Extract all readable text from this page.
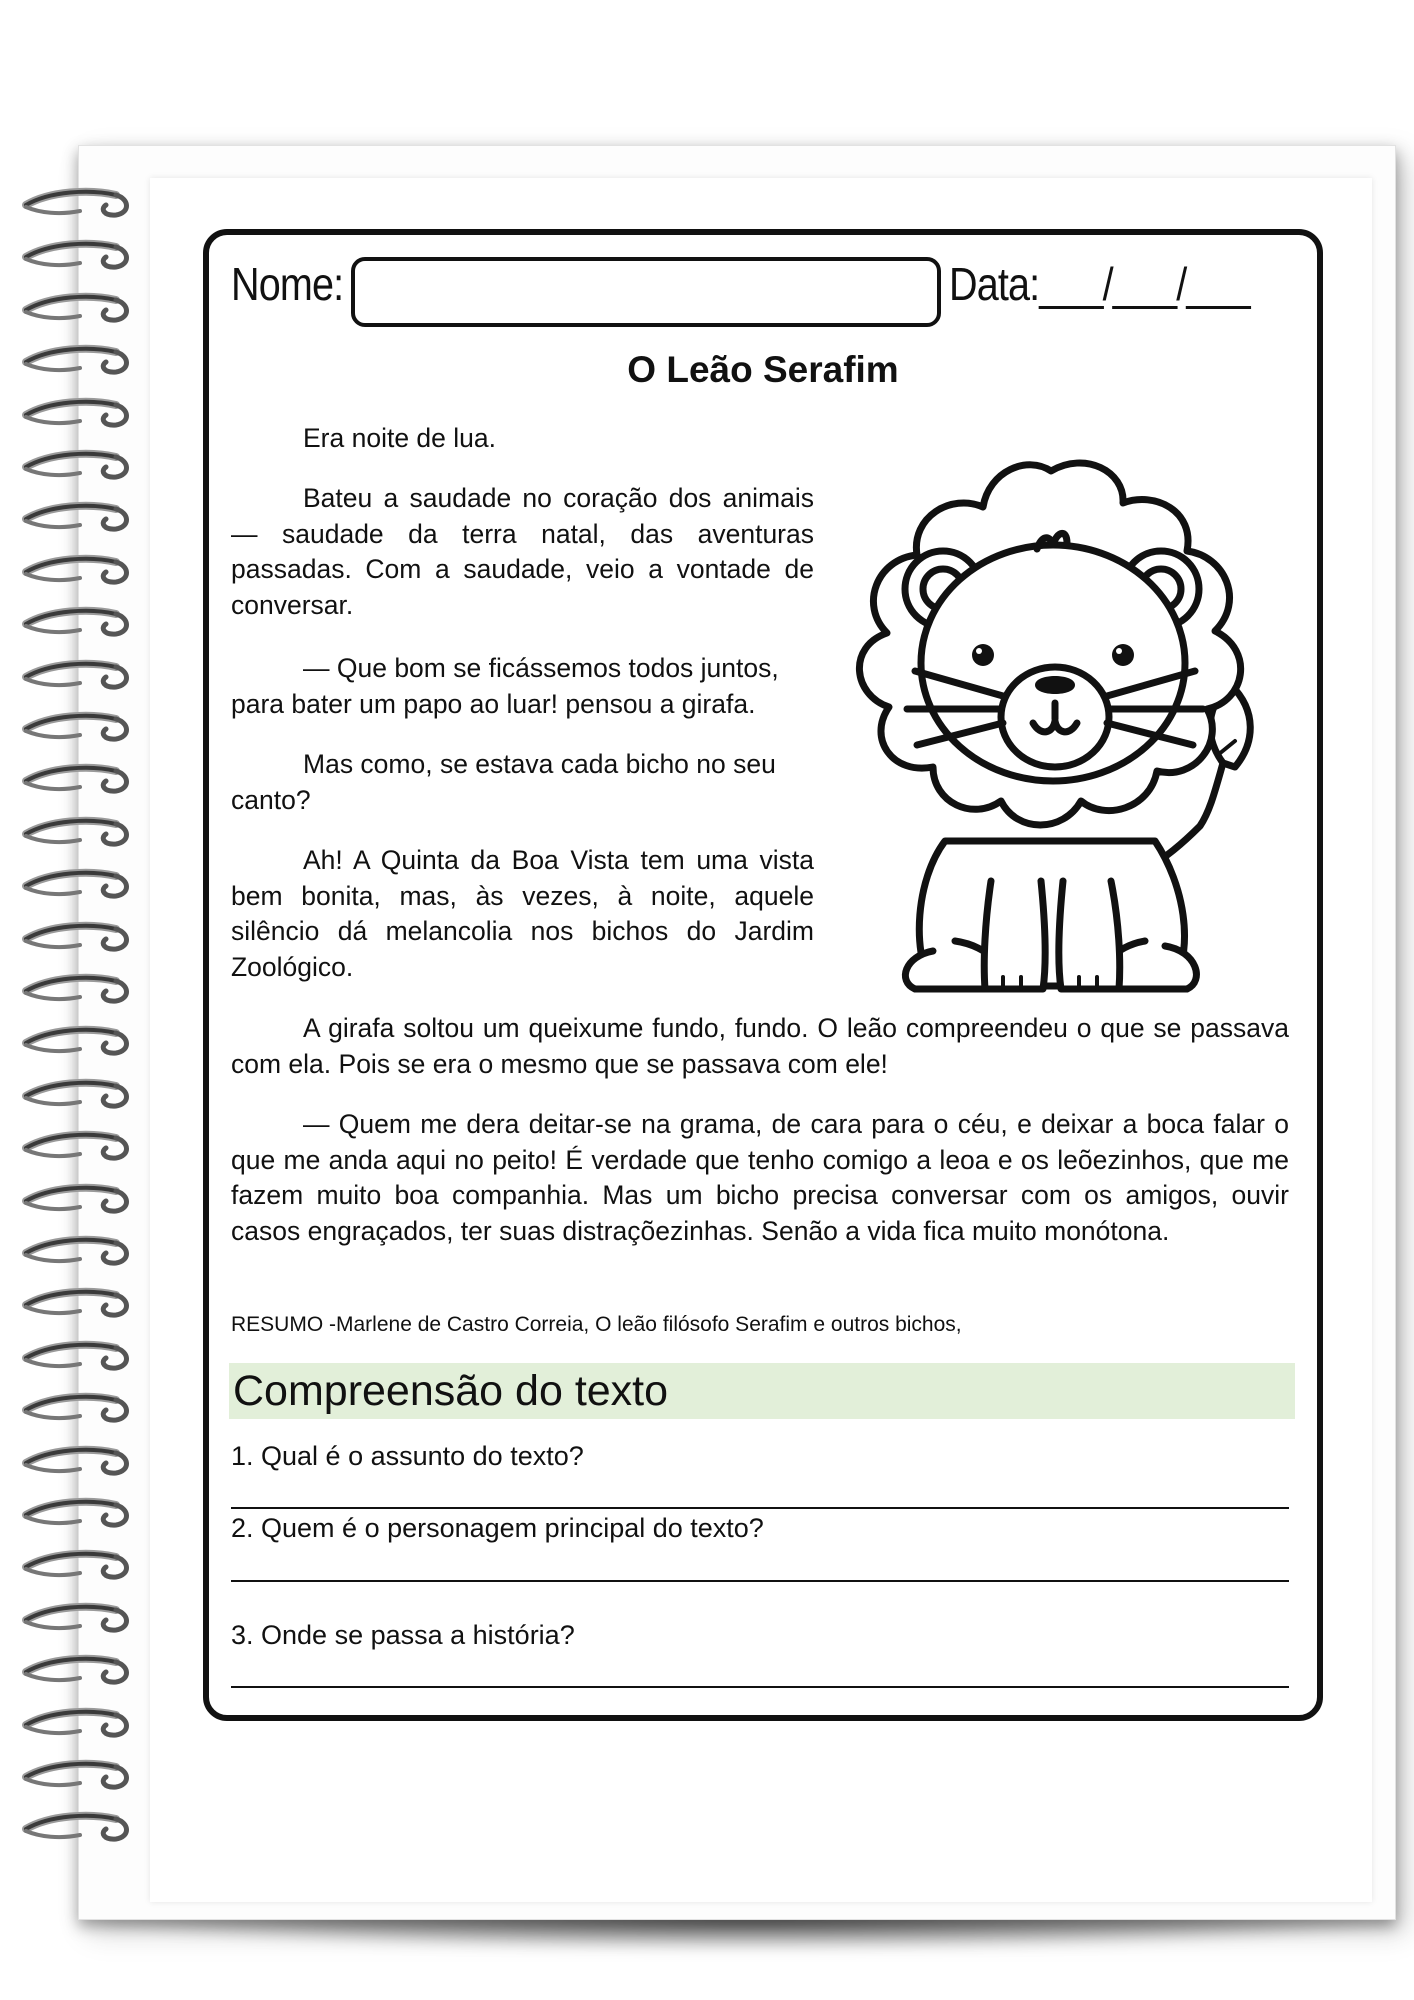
Nome:	Data:___/___/___
O Leão Serafim

Era noite de lua.

Bateu a saudade no coração dos animais — saudade da terra natal, das aventuras passadas. Com a saudade, veio a vontade de conversar.

— Que bom se ficássemos todos juntos, para bater um papo ao luar! pensou a girafa.

Mas como, se estava cada bicho no seu canto?

Ah! A Quinta da Boa Vista tem uma vista bem bonita, mas, às vezes, à noite, aquele silêncio dá melancolia nos bichos do Jardim Zoológico.

A girafa soltou um queixume fundo, fundo. O leão compreendeu o que se passava com ela. Pois se era o mesmo que se passava com ele!

— Quem me dera deitar-se na grama, de cara para o céu, e deixar a boca falar o que me anda aqui no peito! É verdade que tenho comigo a leoa e os leõezinhos, que me fazem muito boa companhia. Mas um bicho precisa conversar com os amigos, ouvir casos engraçados, ter suas distraçõezinhas. Senão a vida fica muito monótona.

RESUMO -Marlene de Castro Correia, O leão filósofo Serafim e outros bichos,
Compreensão do texto
1. Qual é o assunto do texto?
2. Quem é o personagem principal do texto?
3. Onde se passa a história?
